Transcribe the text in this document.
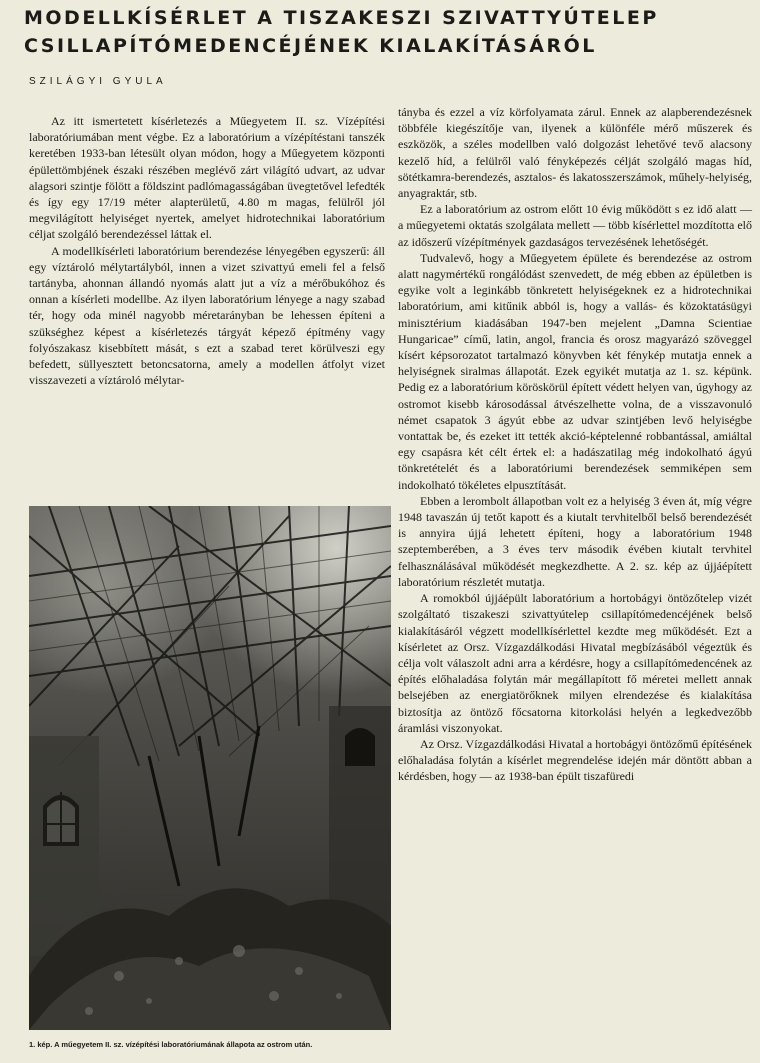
MODELLKÍSÉRLET A TISZAKESZI SZIVATTYÚTELEP
CSILLAPÍTÓMEDENCÉJÉNEK KIALAKÍTÁSÁRÓL

SZILÁGYI GYULA

Az itt ismertetett kísérletezés a Műegyetem II. sz. Vízépítési laboratóriumában ment végbe. Ez a laboratórium a vízépítéstani tanszék keretében 1933-ban létesült olyan módon, hogy a Műegyetem központi épülettömbjének északi részében meglévő zárt világító udvart, az udvar alagsori szintje fölött a földszint padlómagasságában üvegtetővel lefedték és így egy 17/19 méter alapterületű, 4.80 m magas, felülről jól megvilágított helyiséget nyertek, amelyet hidrotechnikai laboratórium céljat szolgáló berendezéssel láttak el.

A modellkísérleti laboratórium berendezése lényegében egyszerű: áll egy víztároló mélytartályból, innen a vizet szivattyú emeli fel a felső tartányba, ahonnan állandó nyomás alatt jut a víz a mérőbukóhoz és onnan a kísérleti modellbe. Az ilyen laboratórium lényege a nagy szabad tér, hogy oda minél nagyobb méretarányban be lehessen építeni a szükséghez képest a kísérletezés tárgyát képező építmény vagy folyószakasz kisebbített mását, s ezt a szabad teret körülveszi egy befedett, süllyesztett betoncsatorna, amely a modellen átfolyt vizet visszavezeti a víztároló mélytar-

1. kép. A műegyetem II. sz. vízépítési laboratóriumának állapota az ostrom után.

tányba és ezzel a víz körfolyamata zárul. Ennek az alapberendezésnek többféle kiegészítője van, ilyenek a különféle mérő műszerek és eszközök, a széles modellben való dolgozást lehetővé tevő alacsony kezelő híd, a felülről való fényképezés célját szolgáló magas híd, sötétkamra-berendezés, asztalos- és lakatosszerszámok, műhely-helyiség, anyagraktár, stb.

Ez a laboratórium az ostrom előtt 10 évig működött s ez idő alatt — a műegyetemi oktatás szolgálata mellett — több kísérlettel mozdította elő az időszerű vízépítmények gazdaságos tervezésének lehetőségét.

Tudvalevő, hogy a Műegyetem épülete és berendezése az ostrom alatt nagymértékű rongálódást szenvedett, de még ebben az épületben is egyike volt a leginkább tönkretett helyiségeknek ez a hidrotechnikai laboratórium, ami kitűnik abból is, hogy a vallás- és közoktatásügyi minisztérium kiadásában 1947-ben mejelent „Damna Scientiae Hungaricae” című, latin, angol, francia és orosz magyarázó szöveggel kísért képsorozatot tartalmazó könyvben két fénykép mutatja ennek a helyiségnek siralmas állapotát. Ezek egyikét mutatja az 1. sz. képünk. Pedig ez a laboratórium köröskörül épített védett helyen van, úgyhogy az ostromot kisebb károsodással átvészelhette volna, de a visszavonuló német csapatok 3 ágyút ebbe az udvar szintjében levő helyiségbe vontattak be, és ezeket itt tették akció-képtelenné robbantással, amiáltal egy csapásra két célt értek el: a hadászatilag még indokolható ágyú tönkretételét és a laboratóriumi berendezések semmiképen sem indokolható tökéletes elpusztítását.

Ebben a lerombolt állapotban volt ez a helyiség 3 éven át, míg végre 1948 tavaszán új tetőt kapott és a kiutalt tervhitelből belső berendezését is annyira újjá lehetett építeni, hogy a laboratórium 1948 szeptemberében, a 3 éves terv második évében kiutalt tervhitel felhasználásával működését megkezdhette. A 2. sz. kép az újjáépített laboratórium részletét mutatja.

A romokból újjáépült laboratórium a hortobágyi öntözőtelep vizét szolgáltató tiszakeszi szivattyútelep csillapítómedencéjének belső kialakításáról végzett modellkísérlettel kezdte meg működését. Ezt a kísérletet az Orsz. Vízgazdálkodási Hivatal megbízásából végeztük és célja volt válaszolt adni arra a kérdésre, hogy a csillapítómedencének az építés előhaladása folytán már megállapított fő méretei mellett annak belsejében az energiatörőknek milyen elrendezése és kialakítása biztosítja az öntöző főcsatorna kitorkolási helyén a legkedvezőbb áramlási viszonyokat.

Az Orsz. Vízgazdálkodási Hivatal a hortobágyi öntözőmű építésének előhaladása folytán a kísérlet megrendelése idején már döntött abban a kérdésben, hogy — az 1938-ban épült tiszafüredi
